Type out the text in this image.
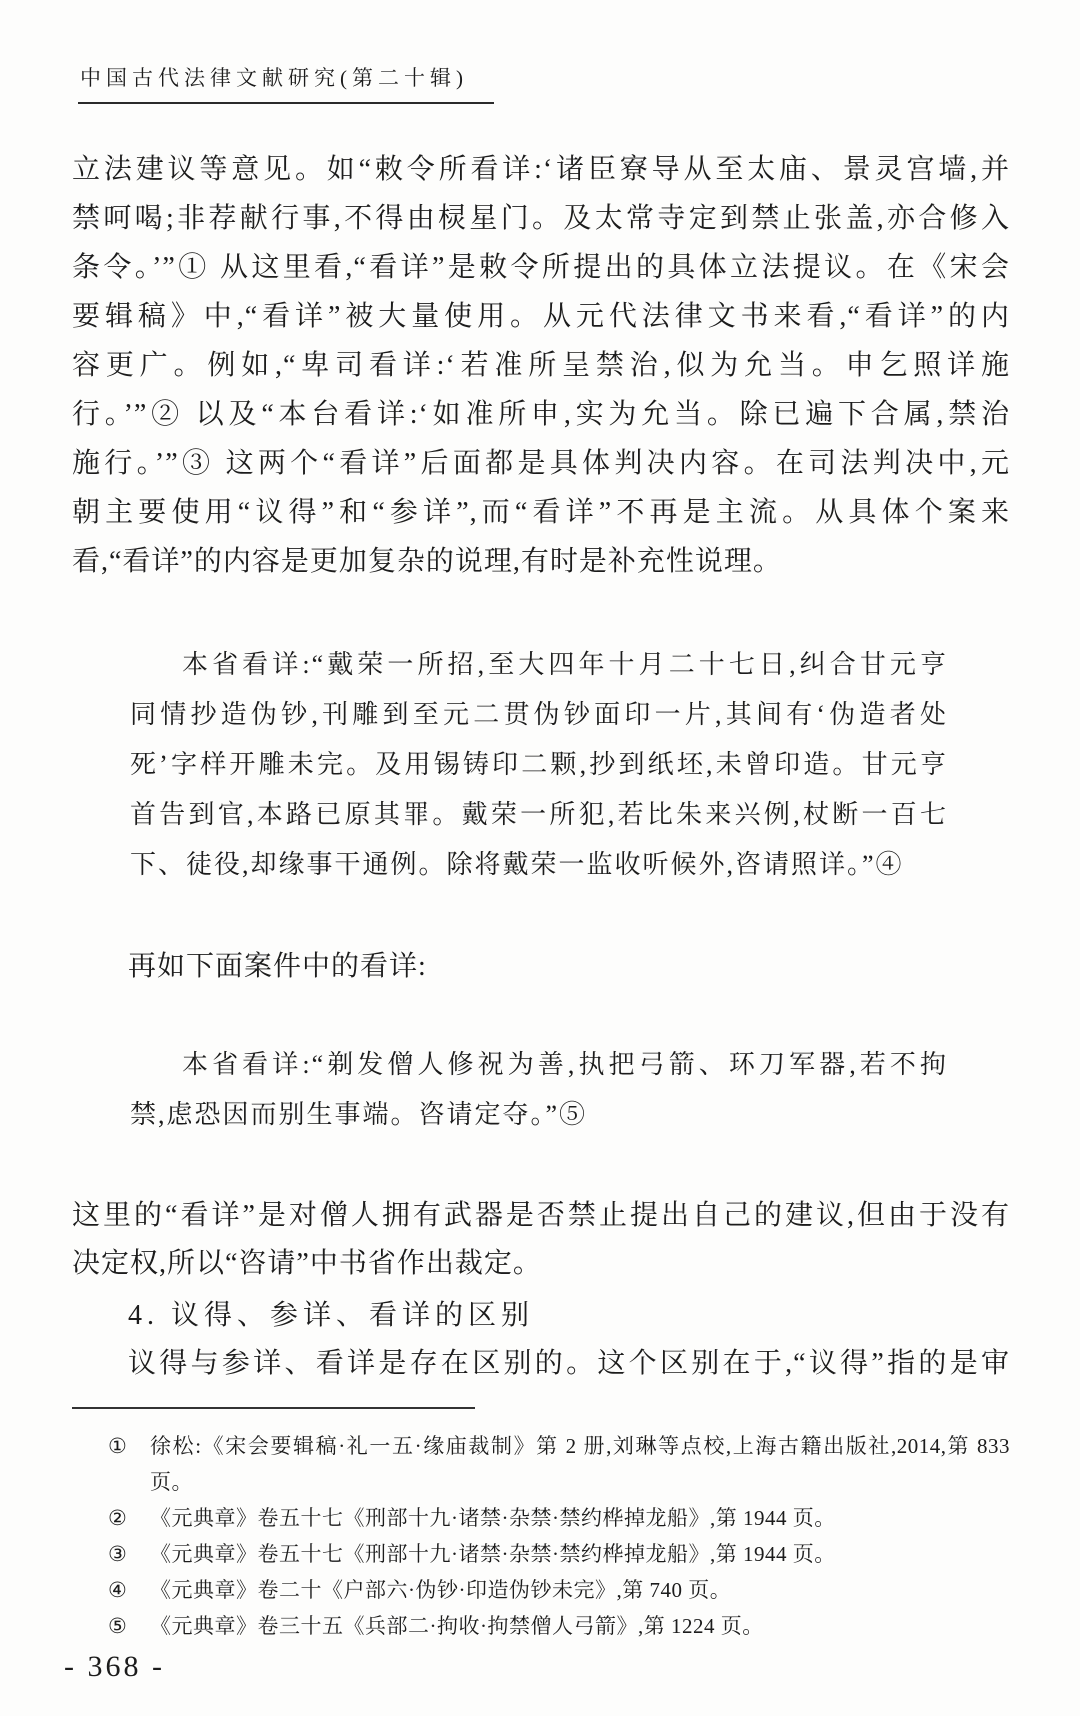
中国古代法律文献研究(第二十辑)
立法建议等意见。如“敕令所看详:‘诸臣寮导从至太庙、景灵宫墙,并
禁呵喝;非荐献行事,不得由棂星门。及太常寺定到禁止张盖,亦合修入
条令。’”① 从这里看,“看详”是敕令所提出的具体立法提议。在《宋会
要辑稿》中,“看详”被大量使用。从元代法律文书来看,“看详”的内
容更广。例如,“卑司看详:‘若准所呈禁治,似为允当。申乞照详施
行。’”② 以及“本台看详:‘如准所申,实为允当。除已遍下合属,禁治
施行。’”③ 这两个“看详”后面都是具体判决内容。在司法判决中,元
朝主要使用“议得”和“参详”,而“看详”不再是主流。从具体个案来
看,“看详”的内容是更加复杂的说理,有时是补充性说理。
本省看详:“戴荣一所招,至大四年十月二十七日,纠合甘元亨
同情抄造伪钞,刊雕到至元二贯伪钞面印一片,其间有‘伪造者处
死’字样开雕未完。及用锡铸印二颗,抄到纸坯,未曾印造。甘元亨
首告到官,本路已原其罪。戴荣一所犯,若比朱来兴例,杖断一百七
下、徒役,却缘事干通例。除将戴荣一监收听候外,咨请照详。”④
再如下面案件中的看详:
本省看详:“剃发僧人修祝为善,执把弓箭、环刀军器,若不拘
禁,虑恐因而别生事端。咨请定夺。”⑤
这里的“看详”是对僧人拥有武器是否禁止提出自己的建议,但由于没有
决定权,所以“咨请”中书省作出裁定。
4. 议得、参详、看详的区别
议得与参详、看详是存在区别的。这个区别在于,“议得”指的是审
①	徐松:《宋会要辑稿·礼一五·缘庙裁制》第 2 册,刘琳等点校,上海古籍出版社,2014,第 833 页。
②	《元典章》卷五十七《刑部十九·诸禁·杂禁·禁约桦掉龙船》,第 1944 页。
③	《元典章》卷五十七《刑部十九·诸禁·杂禁·禁约桦掉龙船》,第 1944 页。
④	《元典章》卷二十《户部六·伪钞·印造伪钞未完》,第 740 页。
⑤	《元典章》卷三十五《兵部二·拘收·拘禁僧人弓箭》,第 1224 页。
- 368 -
